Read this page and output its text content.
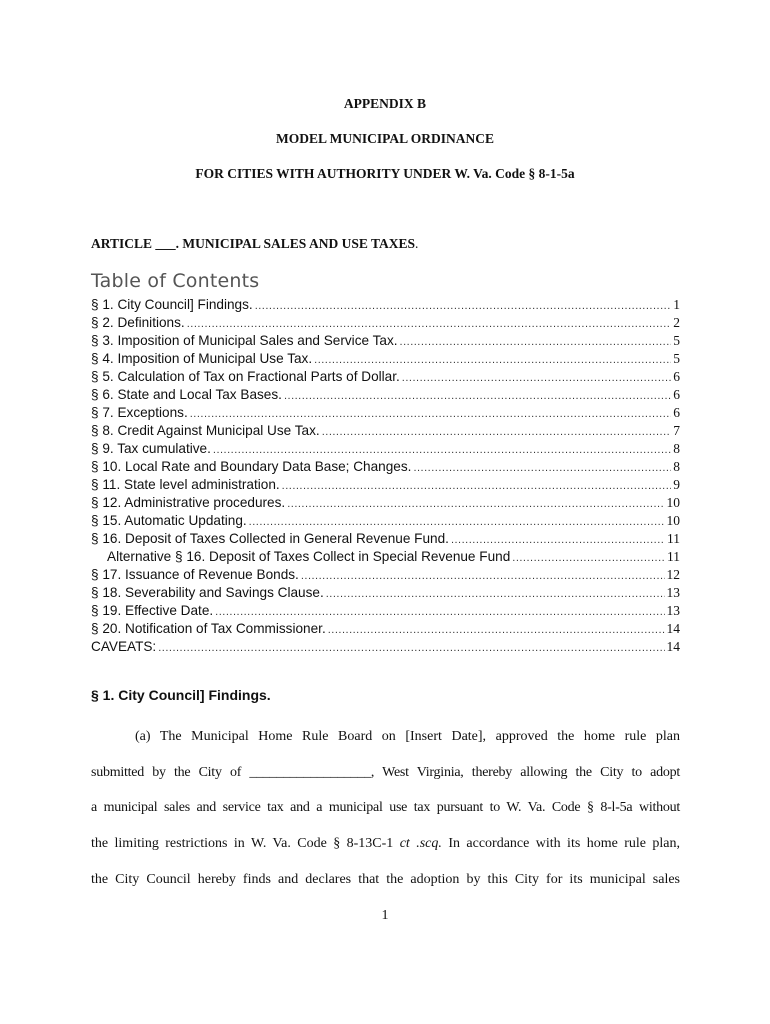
APPENDIX B
MODEL MUNICIPAL ORDINANCE
FOR CITIES WITH AUTHORITY UNDER W. Va. Code § 8-1-5a
ARTICLE ___. MUNICIPAL SALES AND USE TAXES.
Table of Contents
§ 1. City Council] Findings. .....	1
§ 2. Definitions. .....	2
§ 3. Imposition of Municipal Sales and Service Tax. .....	5
§ 4. Imposition of Municipal Use Tax. .....	5
§ 5. Calculation of Tax on Fractional Parts of Dollar. .....	6
§ 6. State and Local Tax Bases. .....	6
§ 7. Exceptions. .....	6
§ 8. Credit Against Municipal Use Tax. .....	7
§ 9. Tax cumulative. .....	8
§ 10. Local Rate and Boundary Data Base; Changes. .....	8
§ 11. State level administration. .....	9
§ 12. Administrative procedures. .....	10
§ 15. Automatic Updating. .....	10
§ 16. Deposit of Taxes Collected in General Revenue Fund. .....	11
Alternative § 16. Deposit of Taxes Collect in Special Revenue Fund .....	11
§ 17. Issuance of Revenue Bonds. .....	12
§ 18. Severability and Savings Clause. .....	13
§ 19. Effective Date. .....	13
§ 20. Notification of Tax Commissioner. .....	14
CAVEATS: .....	14
§ 1. City Council] Findings.
(a) The Municipal Home Rule Board on [Insert Date], approved the home rule plan
submitted by the City of __________________, West Virginia, thereby allowing the City to adopt
a municipal sales and service tax and a municipal use tax pursuant to W. Va. Code § 8-l-5a without
the limiting restrictions in W. Va. Code § 8-13C-1 ct .scq. In accordance with its home rule plan,
the City Council hereby finds and declares that the adoption by this City for its municipal sales
1
